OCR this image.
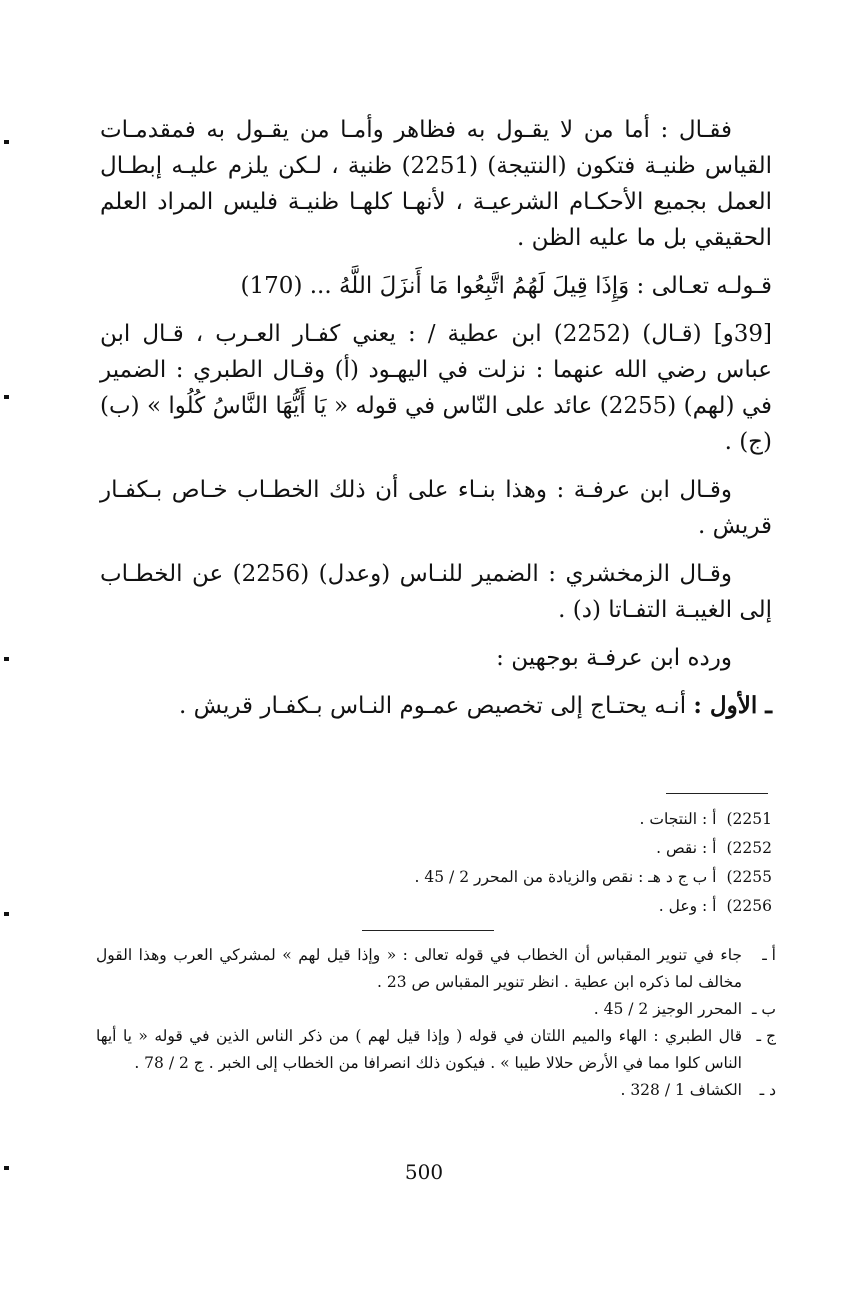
فقـال : أما من لا يقـول به فظاهر وأمـا من يقـول به فمقدمـات القياس ظنيـة فتكون (النتيجة) (2251) ظنية ، لـكن يلزم عليـه إبطـال العمل بجميع الأحكـام الشرعيـة ، لأنهـا كلهـا ظنيـة فليس المراد العلم الحقيقي بل ما عليه الظن .

قـولـه تعـالى : وَإِذَا قِيلَ لَهُمُ اتَّبِعُوا مَا أَنزَلَ اللَّهُ ... (170)

[39و] (قـال) (2252) ابن عطية / : يعني كفـار العـرب ، قـال ابن عباس رضي الله عنهما : نزلت في اليهـود (أ) وقـال الطبري : الضمير في (لهم) (2255) عائد على النّاس في قوله « يَا أَيُّهَا النَّاسُ كُلُوا » (ب) (ج) .

وقـال ابن عرفـة : وهذا بنـاء على أن ذلك الخطـاب خـاص بـكفـار قريش .

وقـال الزمخشري : الضمير للنـاس (وعدل) (2256) عن الخطـاب إلى الغيبـة التفـاتا (د) .

ورده ابن عرفـة بوجهين :

ـ الأول : أنـه يحتـاج إلى تخصيص عمـوم النـاس بـكفـار قريش .

2251)
أ : النتجات .
2252)
أ : نقص .
2255)
أ ب ج د هـ : نقص والزيادة من المحرر 2 / 45 .
2256)
أ : وعل .
أ ـ
جاء في تنوير المقباس أن الخطاب في قوله تعالى : « وإذا قيل لهم » لمشركي العرب وهذا القول مخالف لما ذكره ابن عطية . انظر تنوير المقباس ص 23 .
ب ـ
المحرر الوجيز 2 / 45 .
ج ـ
قال الطبري : الهاء والميم اللتان في قوله ( وإذا قيل لهم ) من ذكر الناس الذين في قوله « يا أيها الناس كلوا مما في الأرض حلالا طيبا » . فيكون ذلك انصرافا من الخطاب إلى الخبر . ج 2 / 78 .
د ـ
الكشاف 1 / 328 .
500
